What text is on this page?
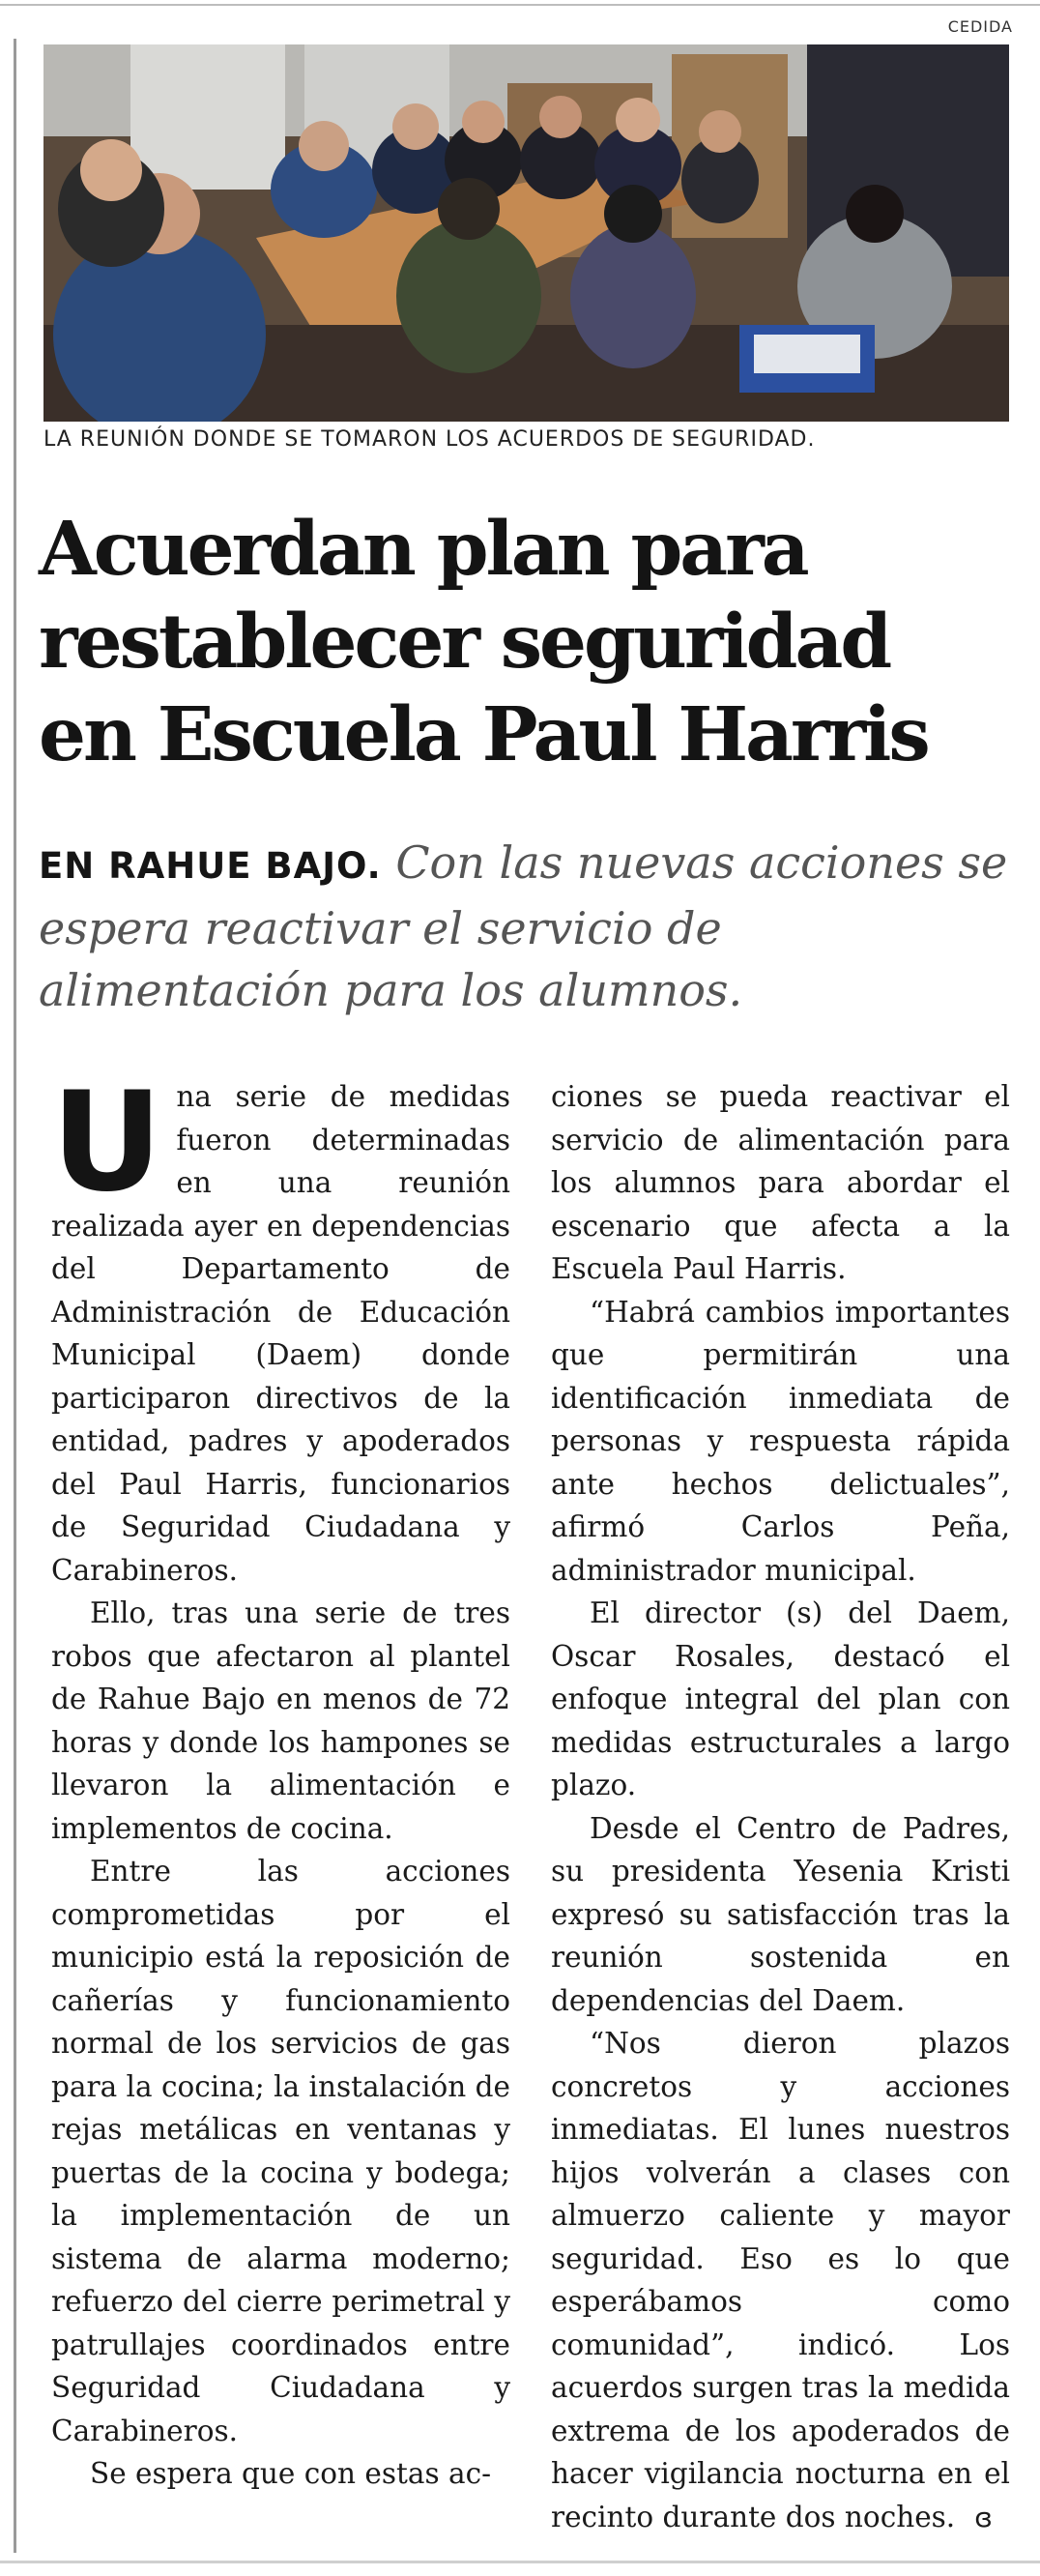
CEDIDA
LA REUNIÓN DONDE SE TOMARON LOS ACUERDOS DE SEGURIDAD.
Acuerdan plan para
restablecer seguridad
en Escuela Paul Harris

EN RAHUE BAJO. Con las nuevas acciones se espera reactivar el servicio de alimentación para los alumnos.

Una serie de medidas fueron determinadas en una reunión realizada ayer en dependencias del Departamento de Administración de Educación Municipal (Daem) donde participaron directivos de la entidad, padres y apoderados del Paul Harris, funcionarios de Seguridad Ciudadana y Carabineros.

Ello, tras una serie de tres robos que afectaron al plantel de Rahue Bajo en menos de 72 horas y donde los hampones se llevaron la alimentación e implementos de cocina.

Entre las acciones comprometidas por el municipio está la reposición de cañerías y funcionamiento normal de los servicios de gas para la cocina; la instalación de rejas metálicas en ventanas y puertas de la cocina y bodega; la implementación de un sistema de alarma moderno; refuerzo del cierre perimetral y patrullajes coordinados entre Seguridad Ciudadana y Carabineros.

Se espera que con estas ac-

ciones se pueda reactivar el servicio de alimentación para los alumnos para abordar el escenario que afecta a la Escuela Paul Harris.

“Habrá cambios importantes que permitirán una identificación inmediata de personas y respuesta rápida ante hechos delictuales”, afirmó Carlos Peña, administrador municipal.

El director (s) del Daem, Oscar Rosales, destacó el enfoque integral del plan con medidas estructurales a largo plazo.

Desde el Centro de Padres, su presidenta Yesenia Kristi expresó su satisfacción tras la reunión sostenida en dependencias del Daem.

“Nos dieron plazos concretos y acciones inmediatas. El lunes nuestros hijos volverán a clases con almuerzo caliente y mayor seguridad. Eso es lo que esperábamos como comunidad”, indicó. Los acuerdos surgen tras la medida extrema de los apoderados de hacer vigilancia nocturna en el recinto durante dos noches. ɞ
